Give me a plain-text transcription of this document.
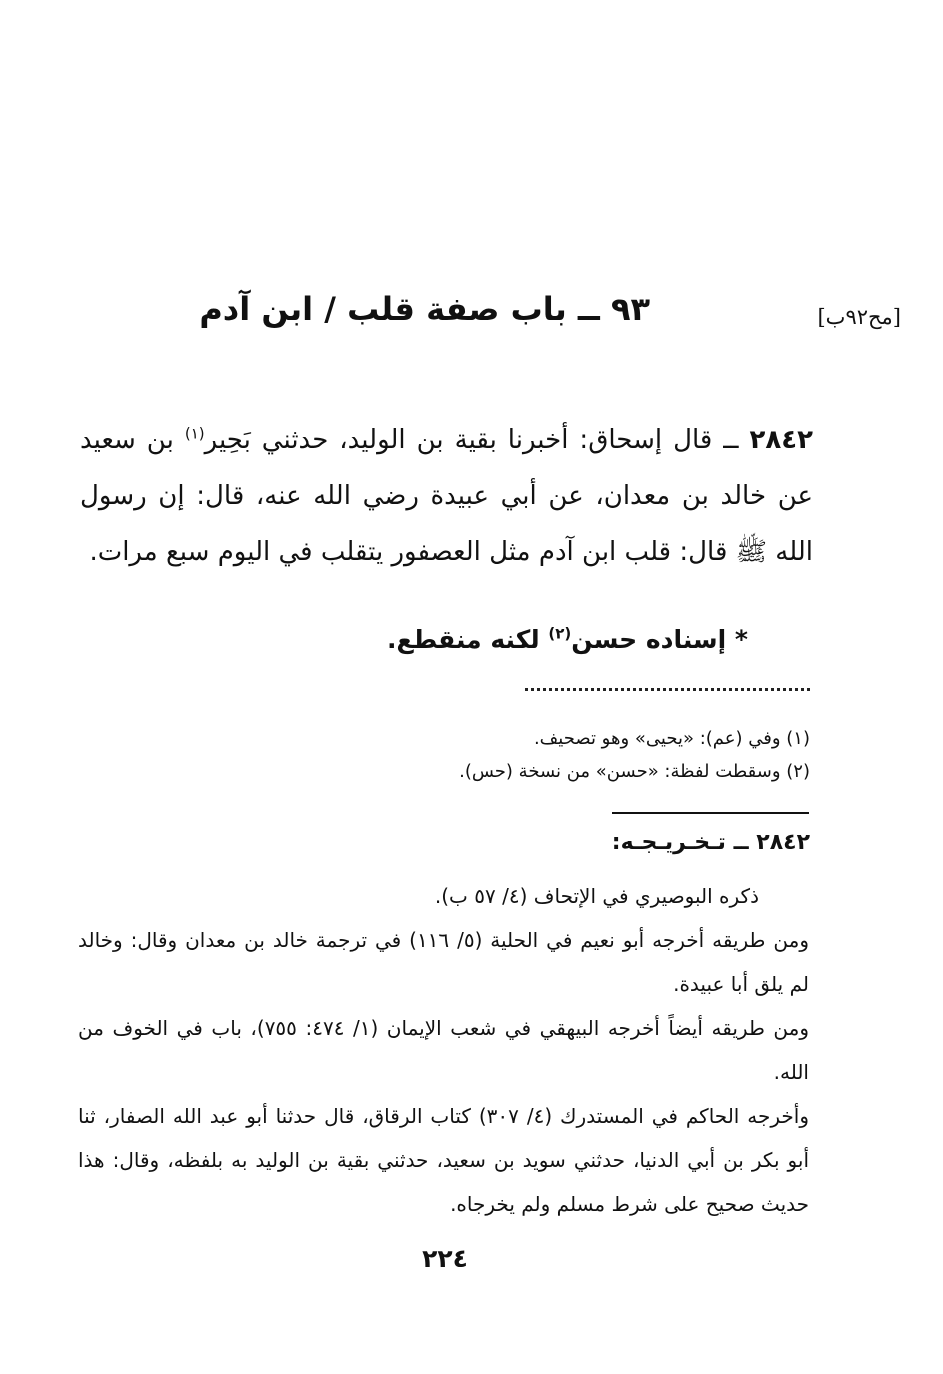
[مح٩٢ب]
٩٣ ــ باب صفة قلب / ابن آدم
٢٨٤٢ ــ قال إسحاق: أخبرنا بقية بن الوليد، حدثني بَحِير$^{(١)}$ بن سعيد عن خالد بن معدان، عن أبي عبيدة رضي الله عنه، قال: إن رسول الله ﷺ قال: قلب ابن آدم مثل العصفور يتقلب في اليوم سبع مرات.
* إسناده حسن$^{(٢)}$ لكنه منقطع.
(١) وفي (عم): «يحيى» وهو تصحيف.
(٢) وسقطت لفظة: «حسن» من نسخة (حس).
٢٨٤٢ ــ تـخـريـجـه:

ذكره البوصيري في الإتحاف (٤/ ٥٧ ب).

ومن طريقه أخرجه أبو نعيم في الحلية (٥/ ١١٦) في ترجمة خالد بن معدان وقال: وخالد لم يلق أبا عبيدة.

ومن طريقه أيضاً أخرجه البيهقي في شعب الإيمان (١/ ٤٧٤: ٧٥٥)، باب في الخوف من الله.

وأخرجه الحاكم في المستدرك (٤/ ٣٠٧) كتاب الرقاق، قال حدثنا أبو عبد الله الصفار، ثنا أبو بكر بن أبي الدنيا، حدثني سويد بن سعيد، حدثني بقية بن الوليد به بلفظه، وقال: هذا حديث صحيح على شرط مسلم ولم يخرجاه.

٢٢٤
